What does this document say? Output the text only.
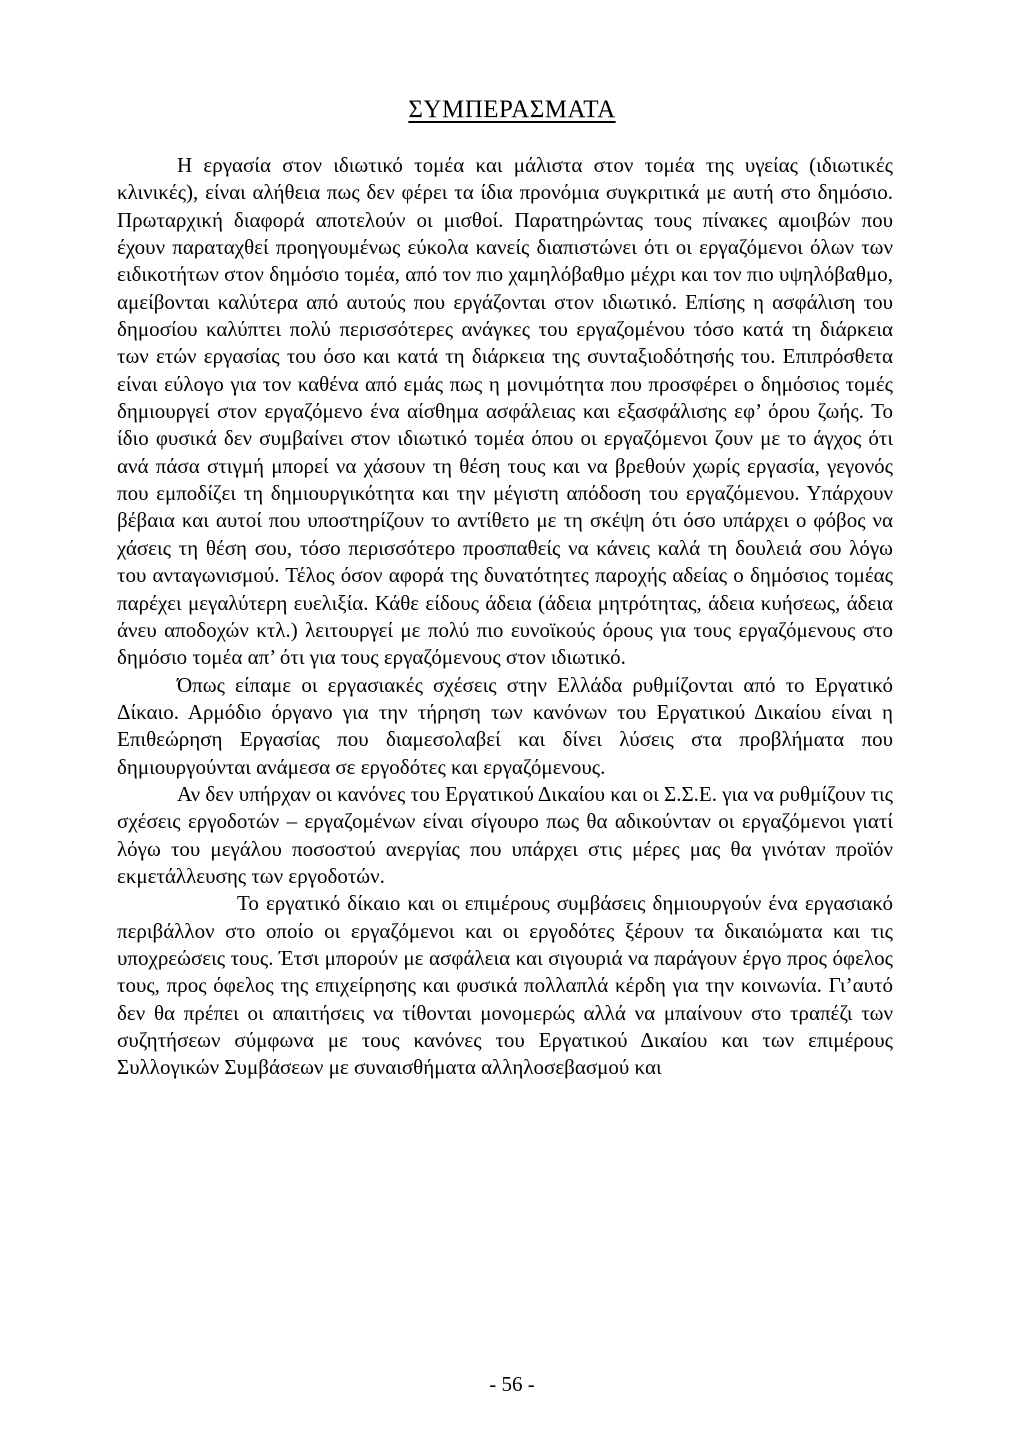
ΣΥΜΠΕΡΑΣΜΑΤΑ

Η εργασία στον ιδιωτικό τομέα και μάλιστα στον τομέα της υγείας (ιδιωτικές κλινικές), είναι αλήθεια πως δεν φέρει τα ίδια προνόμια συγκριτικά με αυτή στο δημόσιο. Πρωταρχική διαφορά αποτελούν οι μισθοί. Παρατηρώντας τους πίνακες αμοιβών που έχουν παραταχθεί προηγουμένως εύκολα κανείς διαπιστώνει ότι οι εργαζόμενοι όλων των ειδικοτήτων στον δημόσιο τομέα, από τον πιο χαμηλόβαθμο μέχρι και τον πιο υψηλόβαθμο, αμείβονται καλύτερα από αυτούς που εργάζονται στον ιδιωτικό. Επίσης η ασφάλιση του δημοσίου καλύπτει πολύ περισσότερες ανάγκες του εργαζομένου τόσο κατά τη διάρκεια των ετών εργασίας του όσο και κατά τη διάρκεια της συνταξιοδότησής του. Επιπρόσθετα είναι εύλογο για τον καθένα από εμάς πως η μονιμότητα που προσφέρει ο δημόσιος τομές δημιουργεί στον εργαζόμενο ένα αίσθημα ασφάλειας και εξασφάλισης εφ’ όρου ζωής. Το ίδιο φυσικά δεν συμβαίνει στον ιδιωτικό τομέα όπου οι εργαζόμενοι ζουν με το άγχος ότι ανά πάσα στιγμή μπορεί να χάσουν τη θέση τους και να βρεθούν χωρίς εργασία, γεγονός που εμποδίζει τη δημιουργικότητα και την μέγιστη απόδοση του εργαζόμενου. Υπάρχουν βέβαια και αυτοί που υποστηρίζουν το αντίθετο με τη σκέψη ότι όσο υπάρχει ο φόβος να χάσεις τη θέση σου, τόσο περισσότερο προσπαθείς να κάνεις καλά τη δουλειά σου λόγω του ανταγωνισμού. Τέλος όσον αφορά της δυνατότητες παροχής αδείας ο δημόσιος τομέας παρέχει μεγαλύτερη ευελιξία. Κάθε είδους άδεια (άδεια μητρότητας, άδεια κυήσεως, άδεια άνευ αποδοχών κτλ.) λειτουργεί με πολύ πιο ευνοϊκούς όρους για τους εργαζόμενους στο δημόσιο τομέα απ’ ότι για τους εργαζόμενους στον ιδιωτικό.

Όπως είπαμε οι εργασιακές σχέσεις στην Ελλάδα ρυθμίζονται από το Εργατικό Δίκαιο. Αρμόδιο όργανο για την τήρηση των κανόνων του Εργατικού Δικαίου είναι η Επιθεώρηση Εργασίας που διαμεσολαβεί και δίνει λύσεις στα προβλήματα που δημιουργούνται ανάμεσα σε εργοδότες και εργαζόμενους.

Αν δεν υπήρχαν οι κανόνες του Εργατικού Δικαίου και οι Σ.Σ.Ε. για να ρυθμίζουν τις σχέσεις εργοδοτών – εργαζομένων είναι σίγουρο πως θα αδικούνταν οι εργαζόμενοι γιατί λόγω του μεγάλου ποσοστού ανεργίας που υπάρχει στις μέρες μας θα γινόταν προϊόν εκμετάλλευσης των εργοδοτών.

Το εργατικό δίκαιο και οι επιμέρους συμβάσεις δημιουργούν ένα εργασιακό περιβάλλον στο οποίο οι εργαζόμενοι και οι εργοδότες ξέρουν τα δικαιώματα και τις υποχρεώσεις τους. Έτσι μπορούν με ασφάλεια και σιγουριά να παράγουν έργο προς όφελος τους, προς όφελος της επιχείρησης και φυσικά πολλαπλά κέρδη για την κοινωνία. Γι’αυτό δεν θα πρέπει οι απαιτήσεις να τίθονται μονομερώς αλλά να μπαίνουν στο τραπέζι των συζητήσεων σύμφωνα με τους κανόνες του Εργατικού Δικαίου και των επιμέρους Συλλογικών Συμβάσεων με συναισθήματα αλληλοσεβασμού και

- 56 -
